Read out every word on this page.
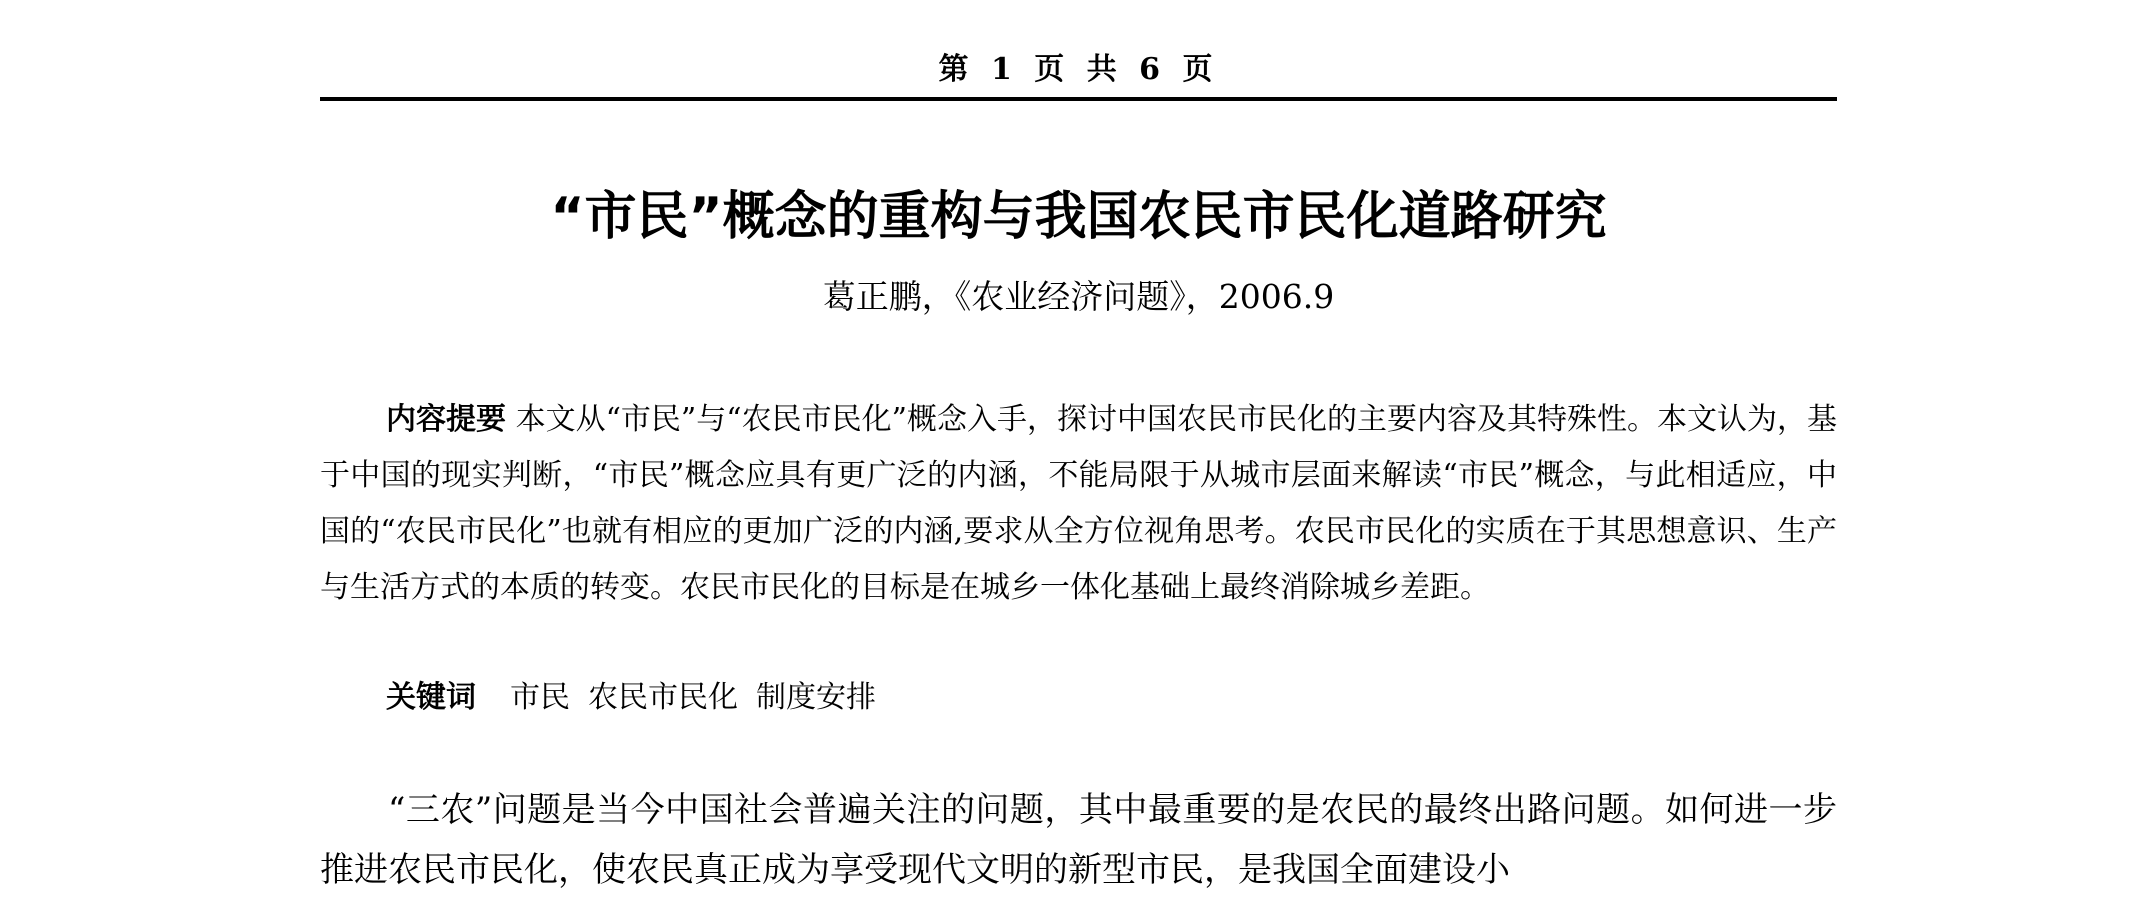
第 1 页 共 6 页
“市民”概念的重构与我国农民市民化道路研究
葛正鹏，《农业经济问题》，2006.9
内容提要 本文从“市民”与“农民市民化”概念入手，探讨中国农民市民化的主要内容及其特殊性。本文认为，基于中国的现实判断，“市民”概念应具有更广泛的内涵，不能局限于从城市层面来解读“市民”概念，与此相适应，中国的“农民市民化”也就有相应的更加广泛的内涵,要求从全方位视角思考。农民市民化的实质在于其思想意识、生产与生活方式的本质的转变。农民市民化的目标是在城乡一体化基础上最终消除城乡差距。
关键词 市民 农民市民化 制度安排
“三农”问题是当今中国社会普遍关注的问题，其中最重要的是农民的最终出路问题。如何进一步推进农民市民化，使农民真正成为享受现代文明的新型市民，是我国全面建设小
